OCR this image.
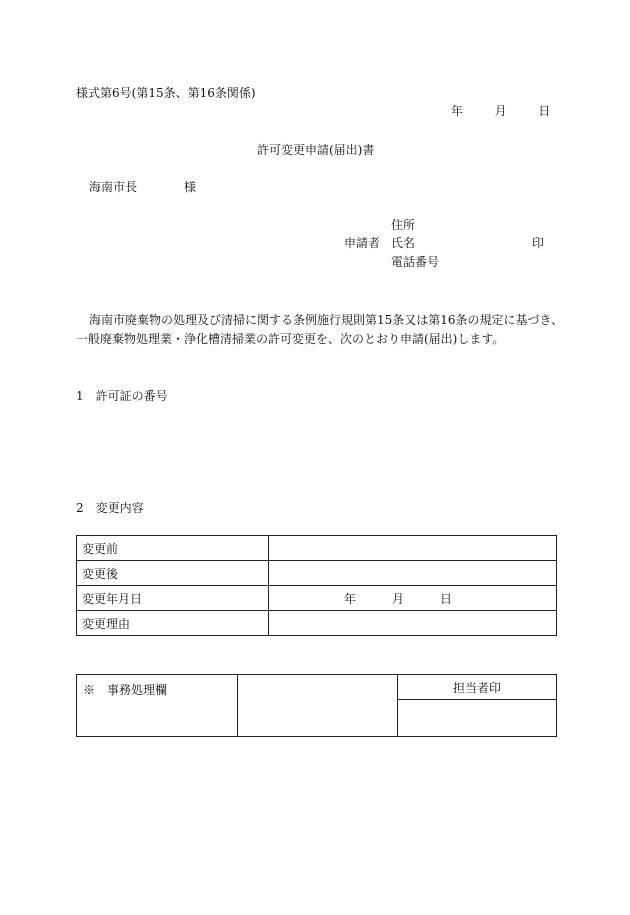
様式第6号(第15条、第16条関係)
年	月	日
許可変更申請(届出)書
海南市長	様
住所
申請者 氏名	印
電話番号
海南市廃棄物の処理及び清掃に関する条例施行規則第15条又は第16条の規定に基づき、
一般廃棄物処理業・浄化槽清掃業の許可変更を、次のとおり申請(届出)します。
1　許可証の番号
2　変更内容
変更前	
変更後	
変更年月日	年 月 日
変更理由	
※　事務処理欄		担当者印
